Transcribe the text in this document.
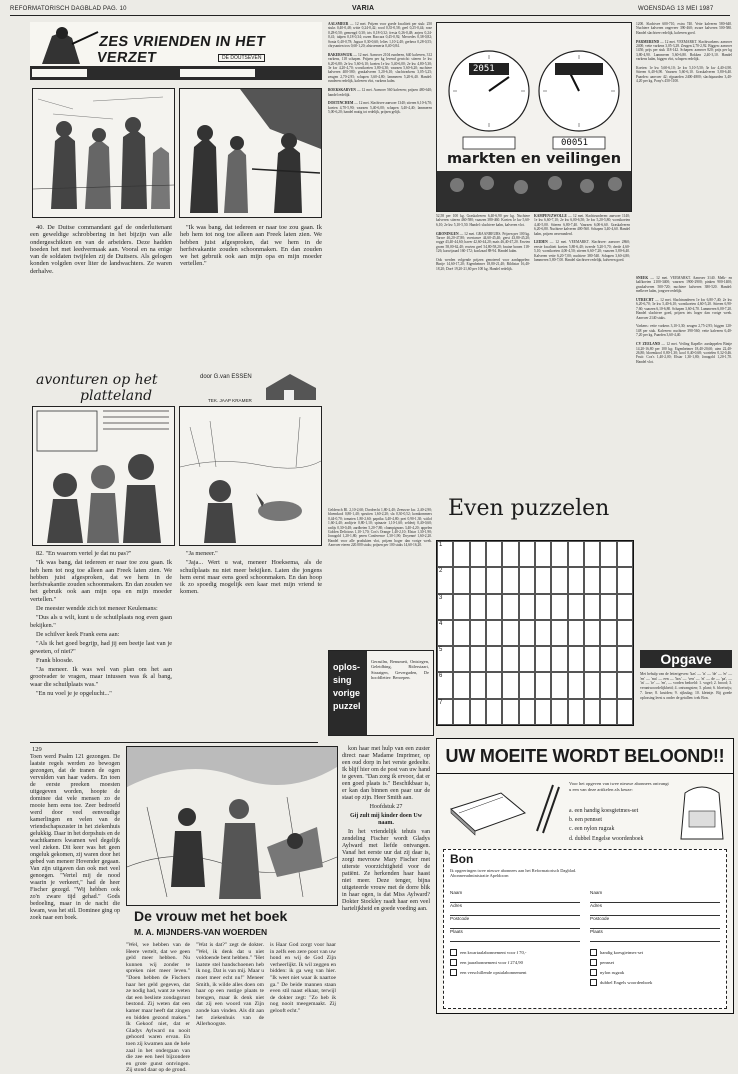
REFORMATORISCH DAGBLAD PAG. 10	VARIA	WOENSDAG 13 MEI 1987
ZES VRIENDEN IN HET VERZET	DE DOUTSEVEN

40. De Duitse commandant gaf de onderluitenant een geweldige schrobbering in het bijzijn van alle ondergeschikten en van de arbeiders. Deze hadden hoeden het met leedvermaak aan. Vooral en na enige van de soldaten twijfelen zij de Duitsers. Als gelogen konden volgden over liter de landwachters. Ze waren derhalve.

"Ik was bang, dat iedereen er naar toe zou gaan. Ik heb hem tot nog toe alleen aan Freek laten zien. We hebben juist afgesproken, dat we hem in de herfstvakantie zouden schoonmaken. En dan zouden we het gebruik ook aan mijn opa en mijn moeder vertellen."

avonturen op het
platteland
door G.van ESSEN
TEK. JAAP KRAMER

82. "En waarom vertel je dat nu pas?"

"Ik was bang, dat iedereen er naar toe zou gaan. Ik heb hem tot nog toe alleen aan Freek laten zien. We hebben juist afgesproken, dat we hem in de herfstvakantie zouden schoonmaken. En dan zouden we het gebruik ook aan mijn opa en mijn moeder vertellen."

De meester wendde zich tot meneer Keulemans:

"Dus als u wilt, kunt u de schuilplaats nog even gaan bekijken."

De schilver keek Frank eens aan:

"Als ik het goed begrijp, had jij een beetje last van je geweten, of niet?"

Frank bloosde.

"Ja meneer. Ik was wel van plan om het aan grootvader te vragen, maar intussen was ik al bang, waar die schuilplaats was."

"En nu voel je je opgelucht..."

"Ja meneer."

"Jaja... Wert u wat, meneer Hoeksema, als de schuilplaats nu niet meer bekijken. Laten die jongens hem eerst maar eens goed schoonmaken. En dan hoop ik zo spoedig mogelijk een kaar met mijn vriend te komen.

AALSMEER — 12 mei. Prijzen voor goede kwaliteit per stuk: 250 stuks 0,40-0,48; witte 0,24-0,42; rood 0,35-0,58; geel 0,25-0,44; roze 0,28-0,50; gemengd 0,30; iris 0,18-0,32; fresia 0,26-0,48; anjers 0,24-0,41; tulpen 0,18-0,34; rozen Baccara 0,45-0,92; Mercedes 0,38-0,82; Sonia 0,40-0,78; Jaguar 0,30-0,60; lelies 1,10-2,40; gerbera 0,28-0,55; chrysanten tros 0,60-1,20; alstroemeria 0,40-0,84.

BAKERSWIJK — 12 mei. Aanvoer 2104 runderen, 640 kalveren, 312 varkens, 118 schapen. Prijzen per kg levend gewicht: stieren 1e kw 6,20-6,80; 2e kw 5,60-6,10; koeien 1e kw 5,40-6,00; 2e kw 4,80-5,30; 3e kw 4,20-4,70; worstkoeien 3,80-4,30; vaarzen 5,60-6,20; nuchtere kalveren 400-580; graskalveren 5,20-6,10; slachtvarkens 3,05-3,25; zeugen 2,70-2,95; schapen 3,60-4,80; lammeren 5,20-6,40. Handel: runderen redelijk, kalveren vlot, varkens kalm.

BOEKSKARVEN — 12 mei. Aanvoer 560 kalveren; prijzen 480-640; handel redelijk.

DOETINCHEM — 12 mei. Slachtvee aanvoer 1340; stieren 6,10-6,70; koeien 4,70-5,90; vaarzen 5,40-6,00; schapen 3,40-4,40; lammeren 5,00-6,20; handel matig tot redelijk, prijzen gelijk.
Geldersch Bl. 2,10-2,60; Dordrecht 1,80-2,40; Zeeuwse kw. 2,40-2,90; bloemkool 0,80-1,40; spruiten 1,60-2,20; sla 0,30-0,52; komkommers 0,44-0,70; tomaten 1,80-2,60; paprika 3,40-4,80; prei 0,90-1,30; witlof 1,60-2,40; andijvie 0,80-1,10; spinazie 1,10-1,60; selderij 0,40-0,60; radijs 0,30-0,48; aardbeien 5,20-7,80; champignons 3,40-4,20; appelen Golden Delicious 1,10-1,70; Cox's Orange 1,40-2,10; Elstar 1,30-1,90; Jonagold 1,20-1,80; peren Conference 1,30-1,90; Doyenné 1,60-2,20. Handel voor alle produkten vlot, prijzen hoger dan vorige week. Aanvoer eieren 220.000 stuks; prijzen per 100 stuks 14,60-16,20.
2051
00051
markten en veilingen
1200. Slachtvee 600-710, extra 740. Vette kalveren 580-640. Nuchtere kalveren ongeveer 390-460; zware kalveren 500-580. Handel slachtvee redelijk, kalveren goed.

PARMEREND — 12 mei. VEEMARKT. Slachtvarkens: aanvoer 2400; vette varkens 3,05-3,28. Zeugen 2,70-2,92. Biggen: aanvoer 1450; prijs per stuk 118-142. Schapen: aanvoer 820; prijs per kg 3,80-4,90. Lammeren 5,60-6,80. Bokken 2,40-3,10. Handel varkens kalm, biggen vlot, schapen redelijk.

Koeien: 1e kw 5,60-6,10; 2e kw 5,10-5,50; 3e kw 4,40-4,90. Stieren 6,40-6,90. Vaarzen 5,60-6,10. Graskalveren 5,80-6,40. Paarden: aanvoer 42; rijpaarden 2400-4800; slachtpaarden 3,40-4,20 per kg. Pony's 450-1100.
SNEEK — 12 mei. VEEMARKT. Aanvoer 3140. Melk- en kalfkoeien 2100-3400; vaarzen 1900-2900; pinken 900-1400; graskalveren 500-720; nuchtere kalveren 380-520. Handel: melkvee kalm, jongvee redelijk.

UTRECHT — 12 mei. Slachtrunderen 1e kw 6,80-7,40; 2e kw 6,20-6,70; 3e kw 5,40-6,10; worstkoeien 4,60-5,20. Stieren 6,90-7,60; vaarzen 6,10-6,80. Schapen 3,60-4,70. Lammeren 6,00-7,20. Handel slachtvee goed, prijzen iets hoger dan vorige week. Aanvoer 2140 stuks.

Varkens: vette varkens 3,10-3,30; zeugen 2,75-2,95; biggen 120-148 per stuk. Kalveren: nuchtere 390-560; vette kalveren 6,40-7,20 per kg. Paarden 3,60-4,40.

CV ZEELAND — 12 mei. Veiling Kapelle: aardappelen Bintje 14,20-16,80 per 100 kg; Eigenheimer 18,40-20,60; uien 22,40-26,80; bloemkool 0,80-1,30; kool 0,40-0,68; wortelen 0,32-0,46. Fruit: Cox's 1,40-2,00; Elstar 1,30-1,80; Jonagold 1,20-1,70. Handel vlot.
52,58 per 100 kg. Graskalveren 6,40-6,90 per kg. Nuchtere kalveren: stieren 460-580; vaarzen 380-460. Koeien 1e kw 5,60-6,10; 2e kw 5,10-5,50. Handel: slachtvee kalm, kalveren vlot.

GRONINGEN — 12 mei. GRAANBEURS. Prijzen per 100 kg. Tarwe 46,20-47,80; voertarwe 44,60-45,40; gerst 43,80-45,20; rogge 43,40-44,60; haver 42,60-44,20; maïs 46,40-47,20. Erwten groen 58,00-62,40; erwten geel 54,80-58,20; bruine bonen 118-126; karwijzaad 160-172; koolzaad 88-94. Handel kalm.

Ook werden volgende prijzen genoteerd voor aardappelen: Bintje 14,60-17,20; Eigenheimer 18,80-21,40; Bildtstar 16,40-18,20; Doré 19,20-21,60 per 100 kg. Handel redelijk.
KAMPEN/ZWOLLE — 12 mei. Slachtrunderen: aanvoer 1140; 1e kw 6,60-7,10; 2e kw 6,00-6,50; 3e kw 5,20-5,80; worstkoeien 4,40-5,00. Stieren 6,80-7,40. Vaarzen 6,00-6,60. Graskalveren 6,20-6,80. Nuchtere kalveren 400-560. Schapen 3,40-4,60. Handel kalm, prijzen onveranderd.

LEIDEN — 12 mei. VEEMARKT. Slachtvee: aanvoer 2860; eerste kwaliteit koeien 5,80-6,40; tweede 5,20-5,70; derde 4,60-5,10; worstkoeien 4,00-4,50; stieren 6,60-7,20; vaarzen 5,80-6,40. Kalveren vette 6,20-7,00; nuchtere 380-540. Schapen 3,60-4,80; lammeren 5,80-7,00. Handel slachtvee redelijk, kalveren goed.
Even puzzelen
1
2
3
4
5
6
7
oplos- sing vorige puzzel
Gerasilm, Benumeti, Ontsiegen, Geleidbing, Ritlerstaart, Straatgen, Gevergaden, De hoofdletter: Beroepen.
Opgave
Met behulp van de letterigeven: 'kas' — 'is' — 'de' — 'er' — 'en' — 'ma' — een — 'bos' — 'ven' — 'ei' — de — 'pa', — 'in' — 'ie' — 'en', — vorden bedoeld: 1. vogel; 2. brood; 3. verantwoordelijkheid; 4. ontvangsten; 5. plant; 6. bloeiwijs; 7. lieze; 8. kruiden; 9. rijksdag; 10. kleintje. Bij goede oplossing leest u onder de getallen: trek Bon.
129
Toen werd Psalm 121 gezongen. De laatste regels werden zo bewogen gezongen, dat de tranen de ogen vervulden van haar vaders. En toen de eerste preeken moesten uitgegeven worden, hoopte de dominee dat vele mensen zo de mooie hem eens toe. Zeer bedroefd werd door veel eenvoudige kamerlingen en velen van de vriendschapszuster in het ziekenhuis gelukkig. Daar in het dorpshuis en de wachtkamers kwamen wel degelijk veel zieken. Dit keer was het geen ongeluk gekomen, zij waren door het gebed van meneer Hovender gegaan. Van zijn uitgaven dan ook met veel genoegen. "Vertel mij de nood waarin je verkeert," had de heer Fischer gezegd. "Wij hebben ook zo'n zware tijd gehad." Gods bedoeling, maar in de nacht die kwam, was het stil. Dominee ging op zoek naar een boek.	De vrouw met het boek
M. A. MIJNDERS-VAN WOERDEN
"Wel, we hebben van de Heere vertelt, dat we geen geld meer hebben. Nu kunnen wij zonder te spreken niet meer leven." "Doen hebben de Fischers haar het geld gegeven, dat ze nodig had, want ze weten dat een besliste zondagsrust bestond. Zij weten dat een kamer maar heeft dat zingen en bidden gezond maken." Ik Gekoof niet, dat er Gladys Aylward nu nooit gehoord waren ervan. En toen zij kwamen aan de hele zaal in het ondergaan van die zee een heel bijzondere en grote gunst ontvingen. Zij stond daar op de grond.
"Wat is dat?" zegt de dokter. "Wel, ik denk dat u niet voldoende bent hebben." "Het laatste stel handschoenen heb ik nog. Dat is van mij. Maar u moet meer echt nu!" Meneer Smith, ik wilde alles doen om haar op een rustige plaats te brengen, maar ik denk niet dat zij een woord van Zijn zonde kan vinden. Als dit aan het ziekenhuis van de Allerhoogste.
is Haar God zorgt voor haar in zelfs een zere poot van uw hond en wij de God Zijn verheerlijkt. Ik wil zeggen en bidden: ik ga weg van hier. "Ik weet niet waar ik naartoe ga." De beide mannen staan even stil naast elkaar, terwijl de dokter zegt: "Zo heb ik nog nooit meegemaakt. Zij gelooft echt."

kon haar met hulp van een zuster direct naar Madame Imprimer, op een oud dorp in het verste gedeelte. Ik blijf hier om de post van uw hand te geven. "Dan zorg ik ervoor, dat er een goed plaats is." Beschikbaar is, er kan dan binnen een paar uur de staat op zijn. Heer Smith aan.

Hoofdstuk 27

Gij zult mij kinder doen Uw naam.

In het vriendelijk tehuis van zendeling Fischer wordt Gladys Aylward met liefde ontvangen. Vanaf het eerste uur dat zij daar is, zorgt mevrouw Mary Fischer met uiterste voorzichtigheid voor de patiënt. Ze herkenden haar haast niet meer. Deze tenger, bijna uitgeteerde vrouw met de dorre blik in haar ogen, is dat Miss Aylward? Dokter Stockley raadt haar een veel hartelijkheid en goede voeding aan.

UW MOEITE WORDT BELOOND!!
Voor het opgeven van twee nieuwe abonnees ontvangt u een van deze artikelen als keuze:
a. een handig koesgietmes-set
b. een pennset
c. een nylon rugzak
d. dubbel Engelse woordenboek
Bon
Ik opgeeringen twee nieuwe abonnees aan het Reformatorisch Dagblad. Abonneeadministratie Apeldoorn
Naam
Adres
Postcode
Plaats
Naam
Adres
Postcode
Plaats
een kwartaalabonnement voor f 70,-
een jaarabonnement voor f 274,90
een verschillende opstalabonnement
handig koesgietmes-set
pennset
nylon rugzak
dubbel Engels woordenboek
